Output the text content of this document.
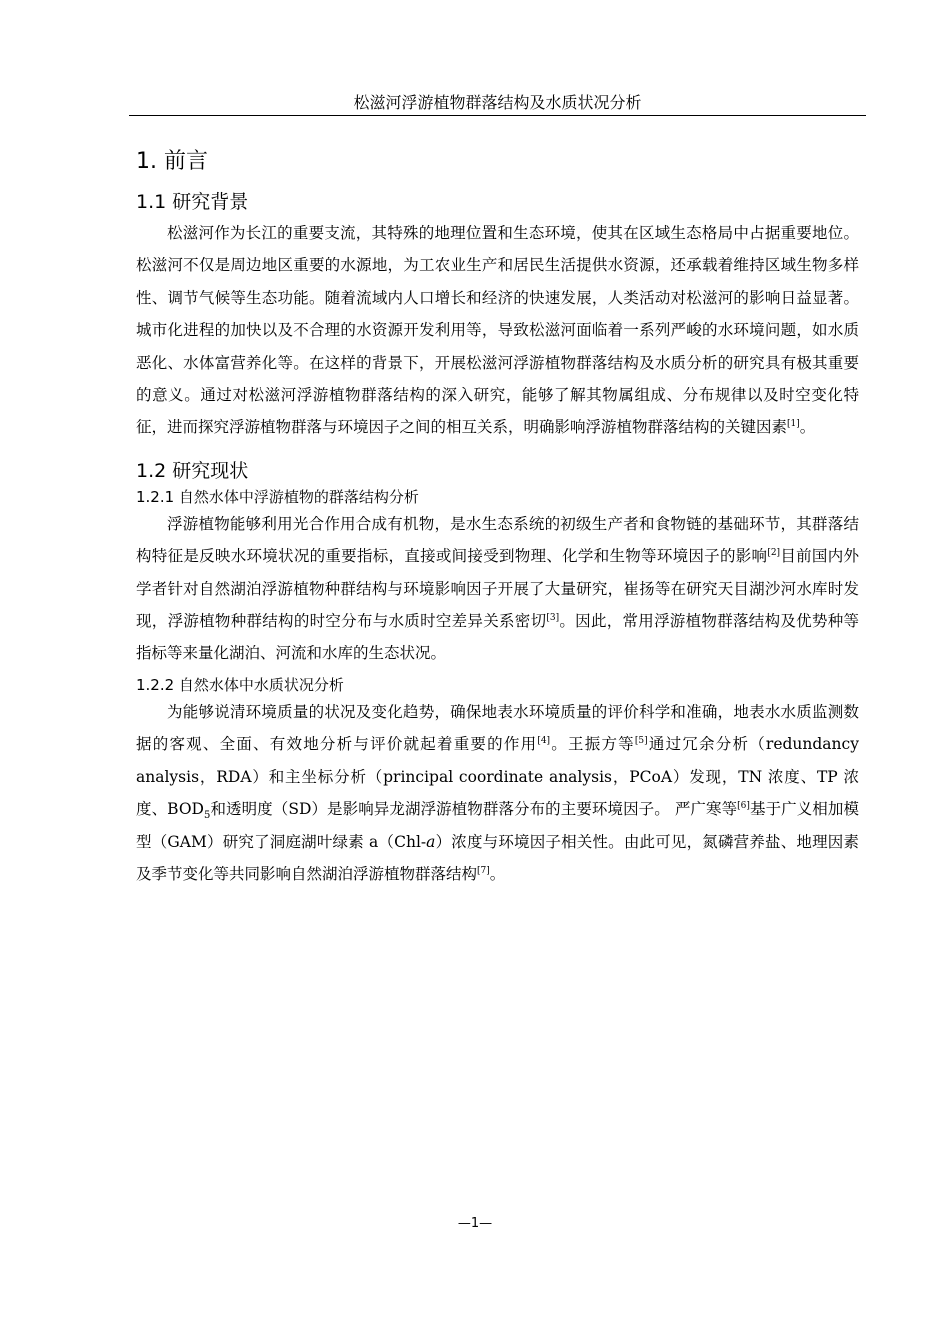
松滋河浮游植物群落结构及水质状况分析
1. 前言
1.1 研究背景

松滋河作为长江的重要支流，其特殊的地理位置和生态环境，使其在区域生态格局中占据重要地位。松滋河不仅是周边地区重要的水源地，为工农业生产和居民生活提供水资源，还承载着维持区域生物多样性、调节气候等生态功能。随着流域内人口增长和经济的快速发展，人类活动对松滋河的影响日益显著。城市化进程的加快以及不合理的水资源开发利用等，导致松滋河面临着一系列严峻的水环境问题，如水质恶化、水体富营养化等。在这样的背景下，开展松滋河浮游植物群落结构及水质分析的研究具有极其重要的意义。通过对松滋河浮游植物群落结构的深入研究，能够了解其物属组成、分布规律以及时空变化特征，进而探究浮游植物群落与环境因子之间的相互关系，明确影响浮游植物群落结构的关键因素[1]。

1.2 研究现状
1.2.1 自然水体中浮游植物的群落结构分析

浮游植物能够利用光合作用合成有机物，是水生态系统的初级生产者和食物链的基础环节，其群落结构特征是反映水环境状况的重要指标，直接或间接受到物理、化学和生物等环境因子的影响[2]目前国内外学者针对自然湖泊浮游植物种群结构与环境影响因子开展了大量研究，崔扬等在研究天目湖沙河水库时发现，浮游植物种群结构的时空分布与水质时空差异关系密切[3]。因此，常用浮游植物群落结构及优势种等指标等来量化湖泊、河流和水库的生态状况。

1.2.2 自然水体中水质状况分析

为能够说清环境质量的状况及变化趋势，确保地表水环境质量的评价科学和准确，地表水水质监测数据的客观、全面、有效地分析与评价就起着重要的作用[4]。王振方等[5]通过冗余分析（redundancy analysis，RDA）和主坐标分析（principal coordinate analysis，PCoA）发现，TN 浓度、TP 浓度、$BOD_5$和透明度（SD）是影响异龙湖浮游植物群落分布的主要环境因子。 严广寒等[6]基于广义相加模型（GAM）研究了洞庭湖叶绿素 a（Chl-a）浓度与环境因子相关性。由此可见，氮磷营养盐、地理因素及季节变化等共同影响自然湖泊浮游植物群落结构[7]。

—1—
